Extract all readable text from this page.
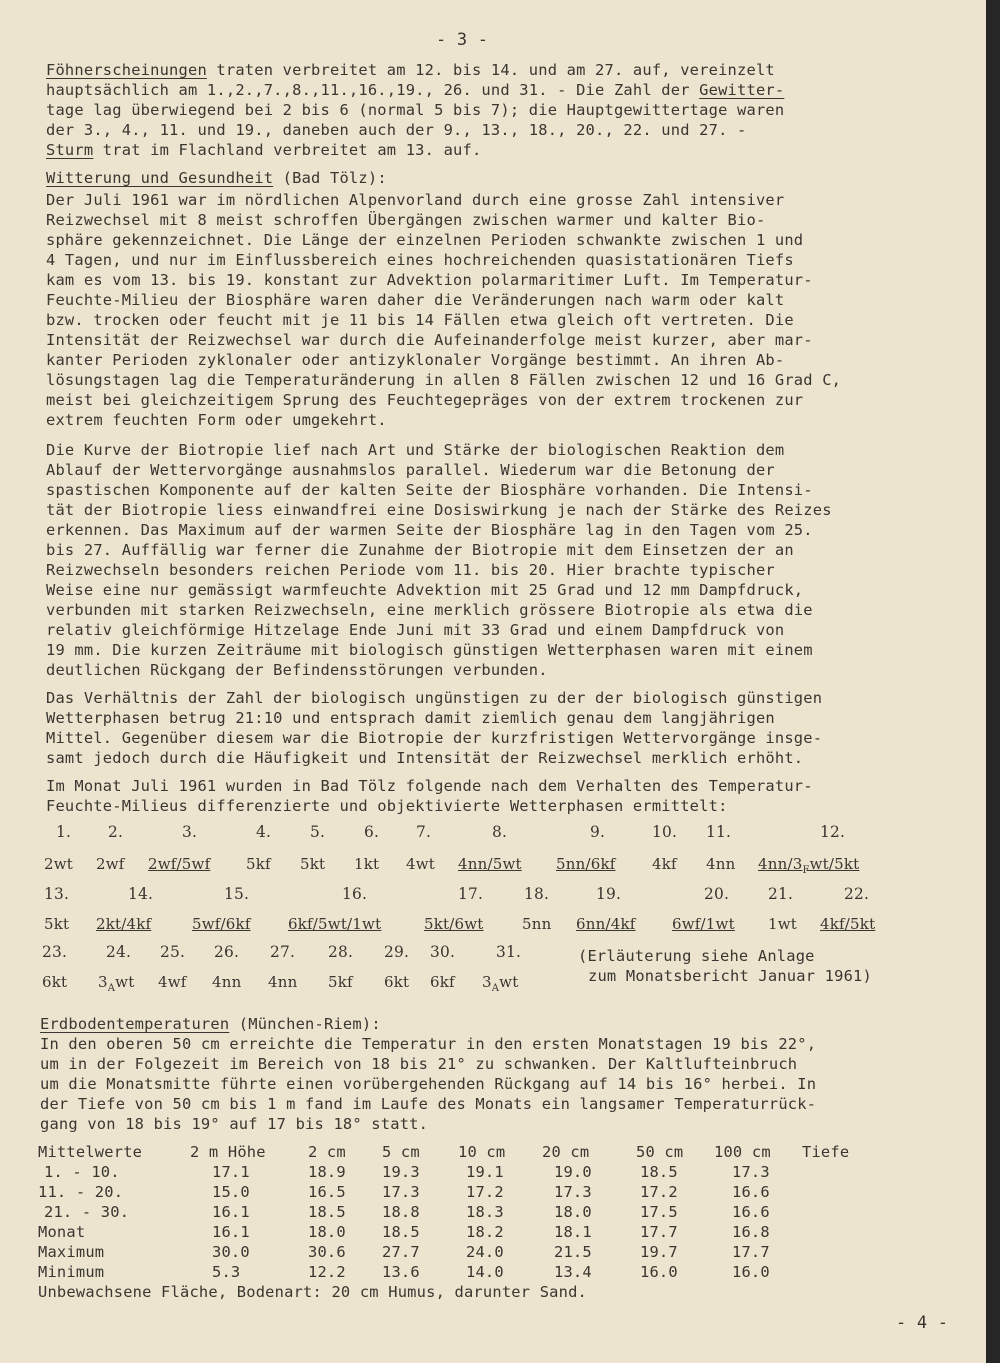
- 3 -
Föhnerscheinungen traten verbreitet am 12. bis 14. und am 27. auf, vereinzelt
hauptsächlich am 1.,2.,7.,8.,11.,16.,19., 26. und 31. - Die Zahl der Gewitter-
tage lag überwiegend bei 2 bis 6 (normal 5 bis 7); die Hauptgewittertage waren
der 3., 4., 11. und 19., daneben auch der 9., 13., 18., 20., 22. und 27. -
Sturm trat im Flachland verbreitet am 13. auf.
Witterung und Gesundheit (Bad Tölz):
Der Juli 1961 war im nördlichen Alpenvorland durch eine grosse Zahl intensiver
Reizwechsel mit 8 meist schroffen Übergängen zwischen warmer und kalter Bio-
sphäre gekennzeichnet. Die Länge der einzelnen Perioden schwankte zwischen 1 und
4 Tagen, und nur im Einflussbereich eines hochreichenden quasistationären Tiefs
kam es vom 13. bis 19. konstant zur Advektion polarmaritimer Luft. Im Temperatur-
Feuchte-Milieu der Biosphäre waren daher die Veränderungen nach warm oder kalt
bzw. trocken oder feucht mit je 11 bis 14 Fällen etwa gleich oft vertreten. Die
Intensität der Reizwechsel war durch die Aufeinanderfolge meist kurzer, aber mar-
kanter Perioden zyklonaler oder antizyklonaler Vorgänge bestimmt. An ihren Ab-
lösungstagen lag die Temperaturänderung in allen 8 Fällen zwischen 12 und 16 Grad C,
meist bei gleichzeitigem Sprung des Feuchtegepräges von der extrem trockenen zur
extrem feuchten Form oder umgekehrt.
Die Kurve der Biotropie lief nach Art und Stärke der biologischen Reaktion dem
Ablauf der Wettervorgänge ausnahmslos parallel. Wiederum war die Betonung der
spastischen Komponente auf der kalten Seite der Biosphäre vorhanden. Die Intensi-
tät der Biotropie liess einwandfrei eine Dosiswirkung je nach der Stärke des Reizes
erkennen. Das Maximum auf der warmen Seite der Biosphäre lag in den Tagen vom 25.
bis 27. Auffällig war ferner die Zunahme der Biotropie mit dem Einsetzen der an
Reizwechseln besonders reichen Periode vom 11. bis 20. Hier brachte typischer
Weise eine nur gemässigt warmfeuchte Advektion mit 25 Grad und 12 mm Dampfdruck,
verbunden mit starken Reizwechseln, eine merklich grössere Biotropie als etwa die
relativ gleichförmige Hitzelage Ende Juni mit 33 Grad und einem Dampfdruck von
19 mm. Die kurzen Zeiträume mit biologisch günstigen Wetterphasen waren mit einem
deutlichen Rückgang der Befindensstörungen verbunden.
Das Verhältnis der Zahl der biologisch ungünstigen zu der der biologisch günstigen
Wetterphasen betrug 21:10 und entsprach damit ziemlich genau dem langjährigen
Mittel. Gegenüber diesem war die Biotropie der kurzfristigen Wettervorgänge insge-
samt jedoch durch die Häufigkeit und Intensität der Reizwechsel merklich erhöht.
Im Monat Juli 1961 wurden in Bad Tölz folgende nach dem Verhalten des Temperatur-
Feuchte-Milieus differenzierte und objektivierte Wetterphasen ermittelt:
(Erläuterung siehe Anlage
zum Monatsbericht Januar 1961)
Erdbodentemperaturen (München-Riem):
In den oberen 50 cm erreichte die Temperatur in den ersten Monatstagen 19 bis 22°,
um in der Folgezeit im Bereich von 18 bis 21° zu schwanken. Der Kaltlufteinbruch
um die Monatsmitte führte einen vorübergehenden Rückgang auf 14 bis 16° herbei. In
der Tiefe von 50 cm bis 1 m fand im Laufe des Monats ein langsamer Temperaturrück-
gang von 18 bis 19° auf 17 bis 18° statt.
Unbewachsene Fläche, Bodenart: 20 cm Humus, darunter Sand.
- 4 -
1. 2.	3.	4.	5.	6. 7.	8.	9.	10. 11.	12.
2wt 2wf 2wf/5wf 5kf 5kt 1kt 4wt 4nn/5wt 5nn/6kf 4kf 4nn $4nn/3_Fwt/5kt$
13.	14.	15.	16.	17.	18.	19.	20.	21.	22.
5kt 2kt/4kf	5wf/6kf 6kf/5wt/1wt	5kt/6wt	5nn 6nn/4kf 6wf/1wt 1wt 4kf/5kt
23.	24. 25. 26. 27. 28. 29. 30.	31.
6kt $3_Awt$ 4wf 4nn 4nn 5kf 6kt 6kf $3_Awt$
Mittelwerte	2 m Höhe	2 cm 5 cm 10 cm 20 cm	50 cm 100 cm Tiefe
1. - 10.	17.1	18.9 19.3	19.1	19.0	18.5	17.3
11. - 20.	15.0	16.5 17.3	17.2	17.3	17.2	16.6
21. - 30.	16.1	18.5 18.8	18.3	18.0	17.5	16.6
Monat	16.1	18.0 18.5	18.2	18.1	17.7	16.8
Maximum	30.0	30.6 27.7	24.0	21.5	19.7	17.7
Minimum	5.3	12.2 13.6	14.0	13.4	16.0	16.0
